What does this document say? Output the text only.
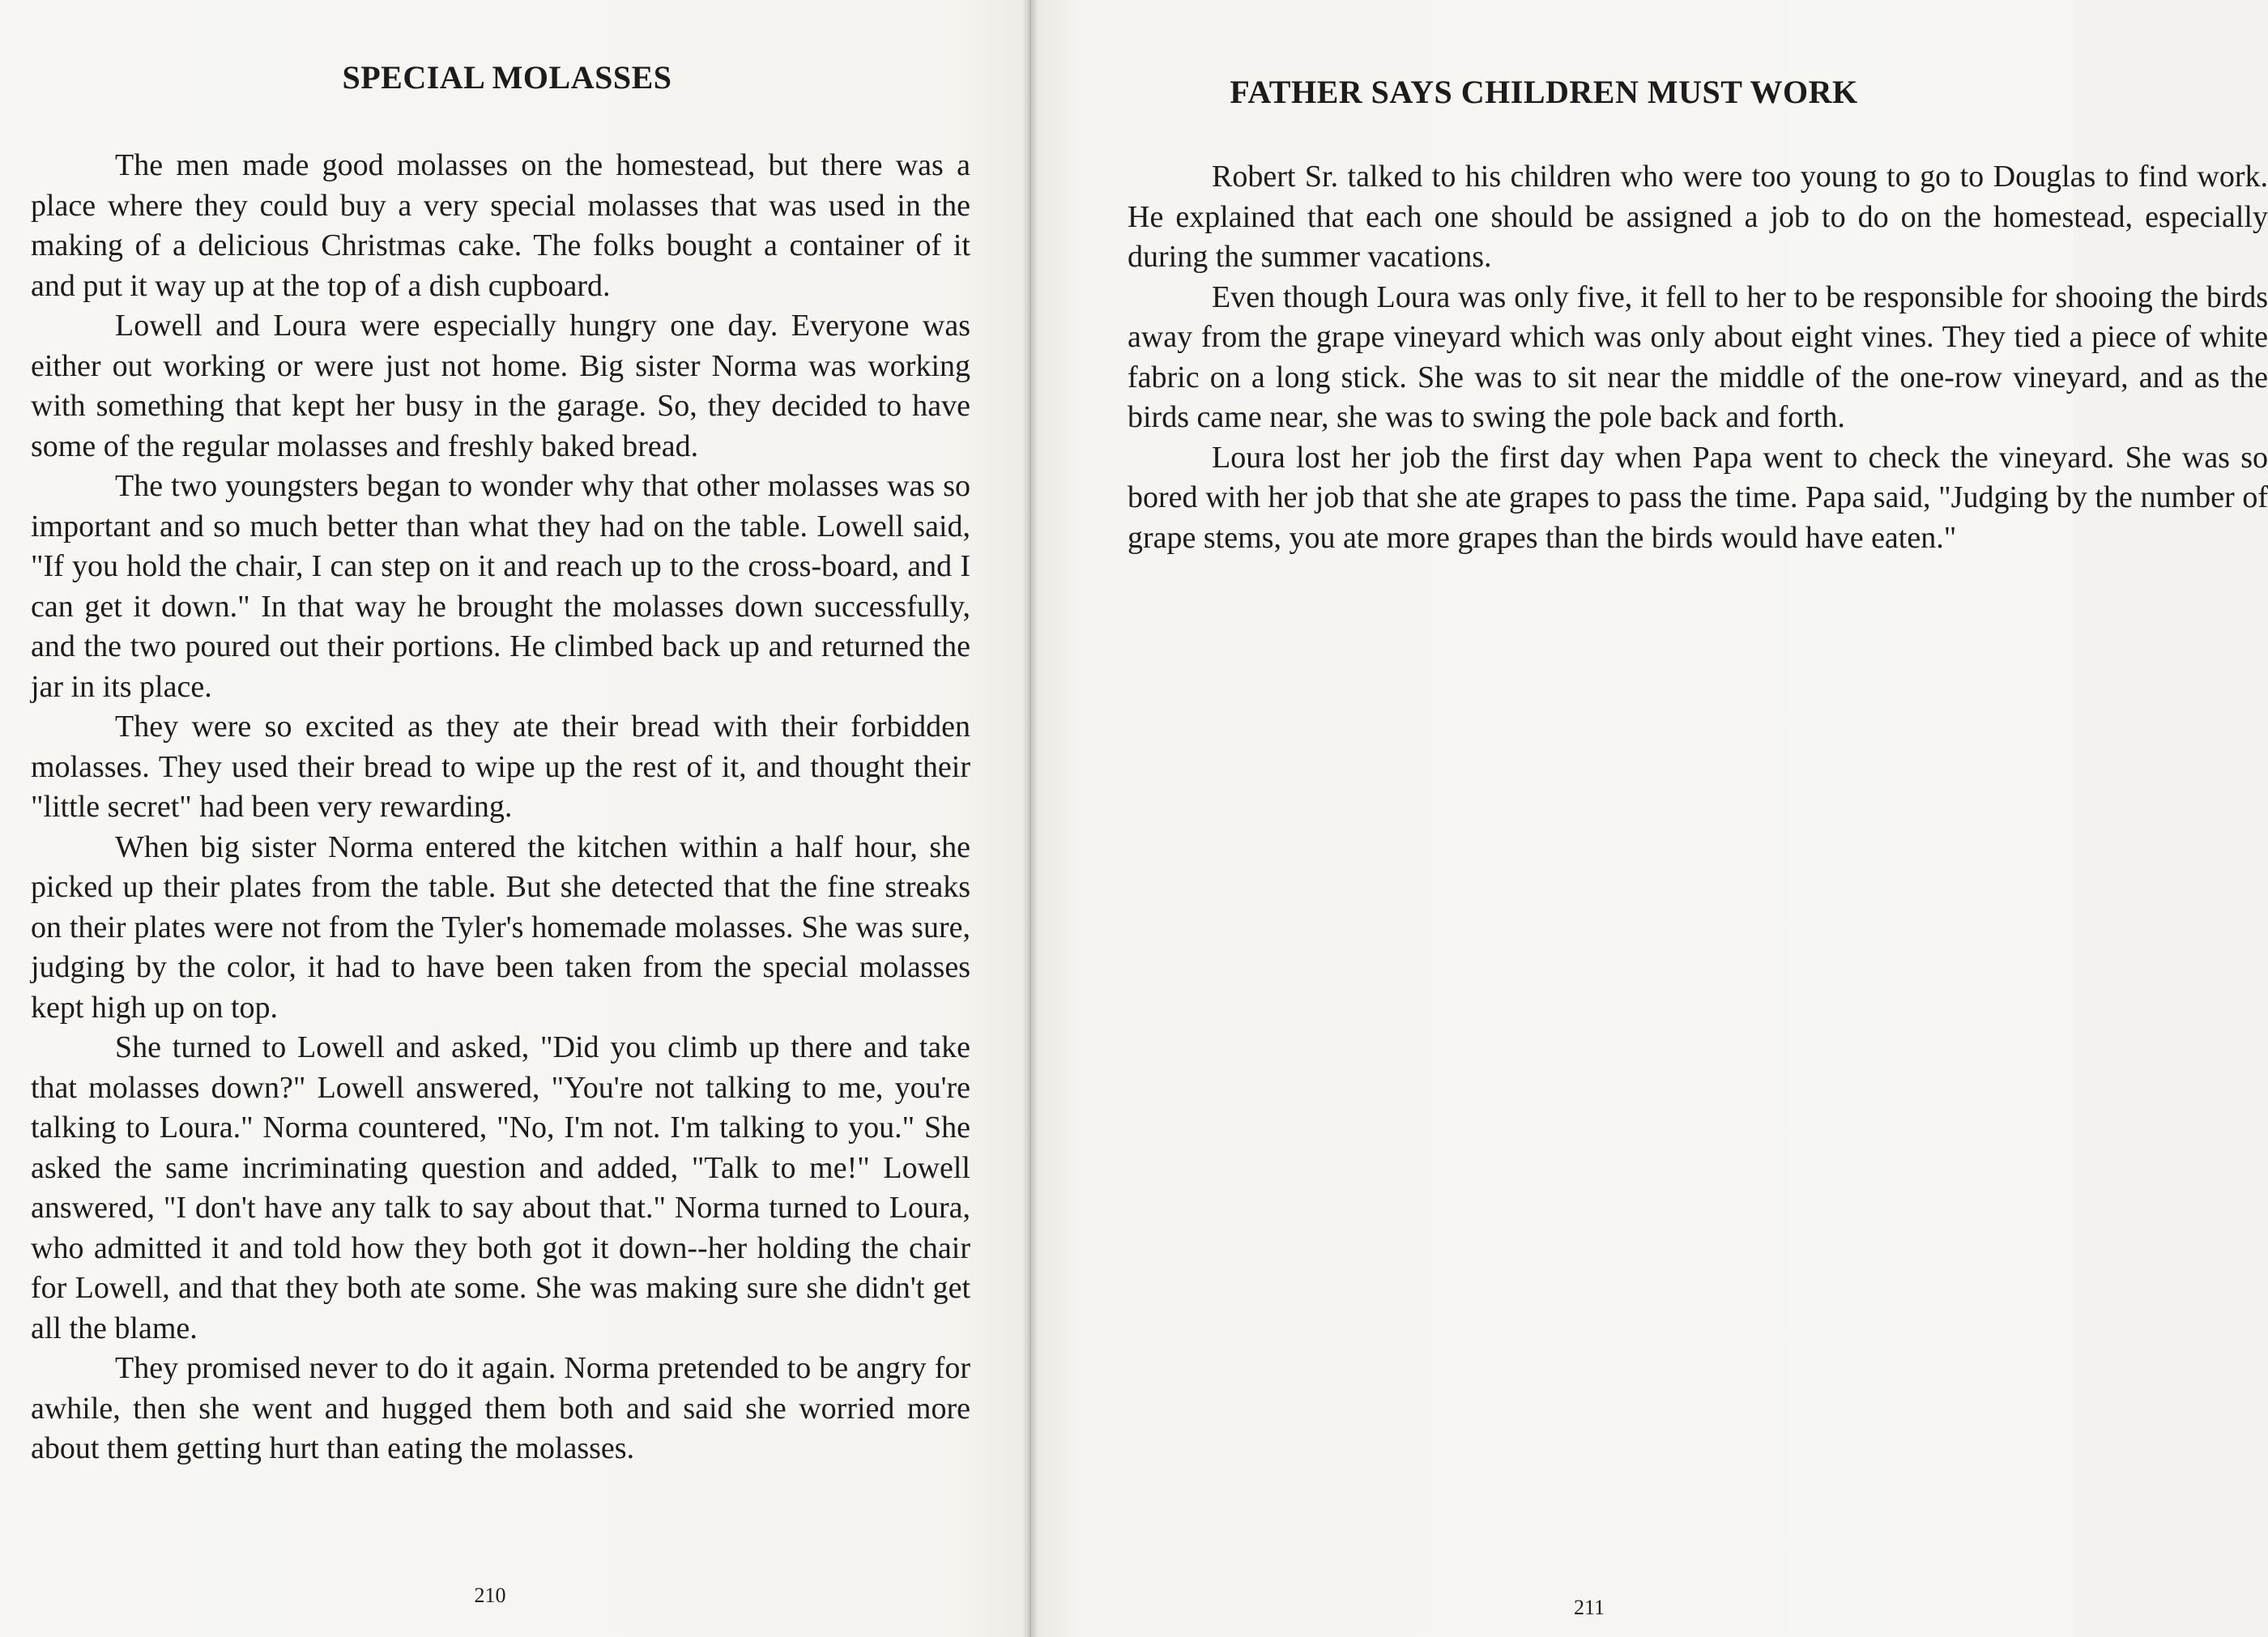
SPECIAL MOLASSES

The men made good molasses on the homestead, but there was a place where they could buy a very special molasses that was used in the making of a delicious Christmas cake. The folks bought a container of it and put it way up at the top of a dish cupboard.

Lowell and Loura were especially hungry one day. Everyone was either out working or were just not home. Big sister Norma was working with something that kept her busy in the garage. So, they decided to have some of the regular molasses and freshly baked bread.

The two youngsters began to wonder why that other molasses was so important and so much better than what they had on the table. Lowell said, "If you hold the chair, I can step on it and reach up to the cross-board, and I can get it down." In that way he brought the molasses down successfully, and the two poured out their portions. He climbed back up and returned the jar in its place.

They were so excited as they ate their bread with their forbidden molasses. They used their bread to wipe up the rest of it, and thought their "little secret" had been very rewarding.

When big sister Norma entered the kitchen within a half hour, she picked up their plates from the table. But she detected that the fine streaks on their plates were not from the Tyler's homemade molasses. She was sure, judging by the color, it had to have been taken from the special molasses kept high up on top.

She turned to Lowell and asked, "Did you climb up there and take that molasses down?" Lowell answered, "You're not talking to me, you're talking to Loura." Norma countered, "No, I'm not. I'm talking to you." She asked the same incriminating question and added, "Talk to me!" Lowell answered, "I don't have any talk to say about that." Norma turned to Loura, who admitted it and told how they both got it down--her holding the chair for Lowell, and that they both ate some. She was making sure she didn't get all the blame.

They promised never to do it again. Norma pretended to be angry for awhile, then she went and hugged them both and said she worried more about them getting hurt than eating the molasses.

210
FATHER SAYS CHILDREN MUST WORK

Robert Sr. talked to his children who were too young to go to Douglas to find work. He explained that each one should be assigned a job to do on the homestead, especially during the summer vacations.

Even though Loura was only five, it fell to her to be responsible for shooing the birds away from the grape vineyard which was only about eight vines. They tied a piece of white fabric on a long stick. She was to sit near the middle of the one-row vineyard, and as the birds came near, she was to swing the pole back and forth.

Loura lost her job the first day when Papa went to check the vineyard. She was so bored with her job that she ate grapes to pass the time. Papa said, "Judging by the number of grape stems, you ate more grapes than the birds would have eaten."

211
